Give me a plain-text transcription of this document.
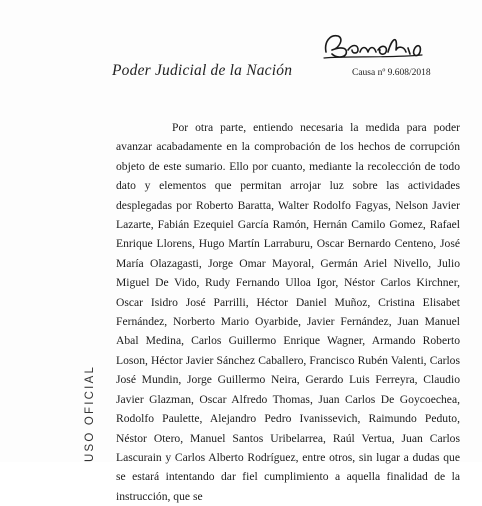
Poder Judicial de la Nación	Causa nº 9.608/2018
USO OFICIAL
Por otra parte, entiendo necesaria la medida para poder avanzar acabadamente en la comprobación de los hechos de corrupción objeto de este sumario. Ello por cuanto, mediante la recolección de todo dato y elementos que permitan arrojar luz sobre las actividades desplegadas por Roberto Baratta, Walter Rodolfo Fagyas, Nelson Javier Lazarte, Fabián Ezequiel García Ramón, Hernán Camilo Gomez, Rafael Enrique Llorens, Hugo Martín Larraburu, Oscar Bernardo Centeno, José María Olazagasti, Jorge Omar Mayoral, Germán Ariel Nivello, Julio Miguel De Vido, Rudy Fernando Ulloa Igor, Néstor Carlos Kirchner, Oscar Isidro José Parrilli, Héctor Daniel Muñoz, Cristina Elisabet Fernández, Norberto Mario Oyarbide, Javier Fernández, Juan Manuel Abal Medina, Carlos Guillermo Enrique Wagner, Armando Roberto Loson, Héctor Javier Sánchez Caballero, Francisco Rubén Valenti, Carlos José Mundin, Jorge Guillermo Neira, Gerardo Luis Ferreyra, Claudio Javier Glazman, Oscar Alfredo Thomas, Juan Carlos De Goycoechea, Rodolfo Paulette, Alejandro Pedro Ivanissevich, Raimundo Peduto, Néstor Otero, Manuel Santos Uribelarrea, Raúl Vertua, Juan Carlos Lascurain y Carlos Alberto Rodríguez, entre otros, sin lugar a dudas que se estará intentando dar fiel cumplimiento a aquella finalidad de la instrucción, que se
